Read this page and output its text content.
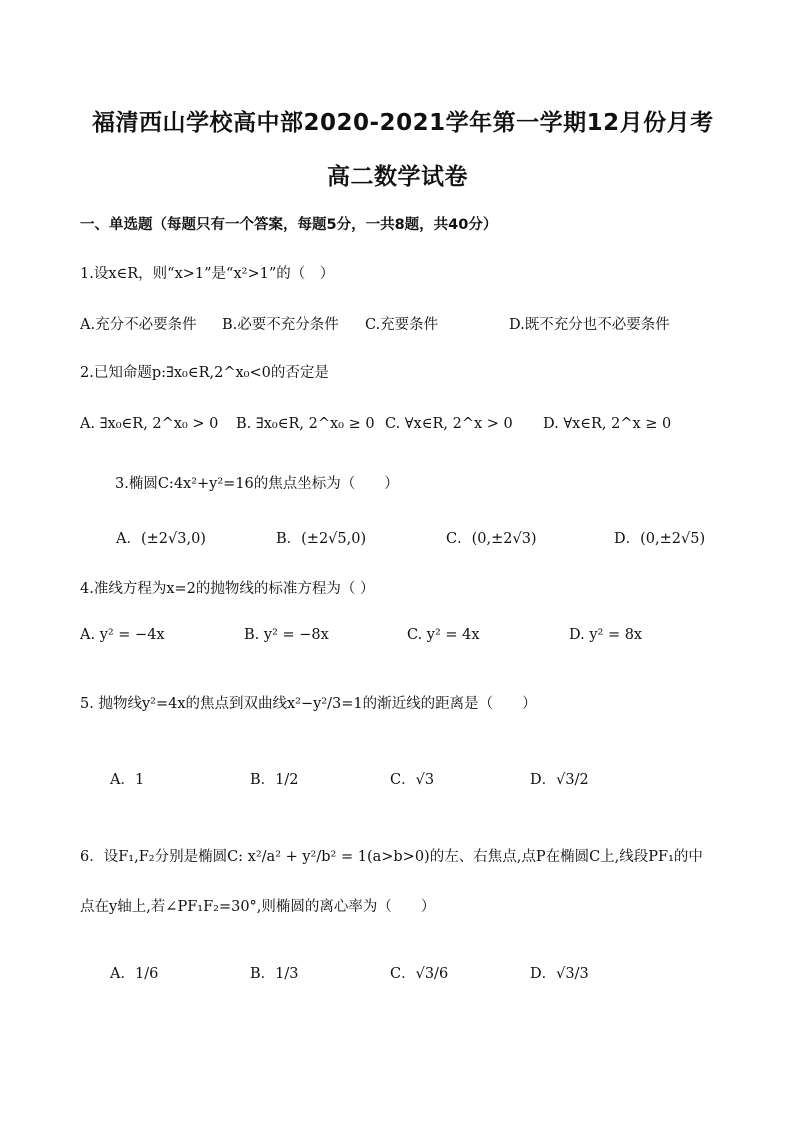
福清西山学校高中部2020-2021学年第一学期12月份月考
高二数学试卷
一、单选题（每题只有一个答案，每题5分，一共8题，共40分）
1.设x∈R，则“x>1”是“x²>1”的（　）
A.充分不必要条件 B.必要不充分条件 C.充要条件	D.既不充分也不必要条件
2.已知命题p:∃x₀∈R,2^x₀<0的否定是
A. ∃x₀∈R, 2^x₀ > 0 B. ∃x₀∈R, 2^x₀ ≥ 0 C. ∀x∈R, 2^x > 0 D. ∀x∈R, 2^x ≥ 0
3.椭圆C:4x²+y²=16的焦点坐标为（　　）
A．(±2√3,0)	B．(±2√5,0)	C．(0,±2√3)	D．(0,±2√5)
4.准线方程为x=2的抛物线的标准方程为（ ）
A. y² = −4x	B. y² = −8x	C. y² = 4x	D. y² = 8x
5. 抛物线y²=4x的焦点到双曲线x²−y²/3=1的渐近线的距离是（　　）
A．1	B．1/2	C．√3	D．√3/2
6．设F₁,F₂分别是椭圆C: x²/a² + y²/b² = 1(a>b>0)的左、右焦点,点P在椭圆C上,线段PF₁的中
点在y轴上,若∠PF₁F₂=30°,则椭圆的离心率为（　　）
A．1/6	B．1/3	C．√3/6	D．√3/3
